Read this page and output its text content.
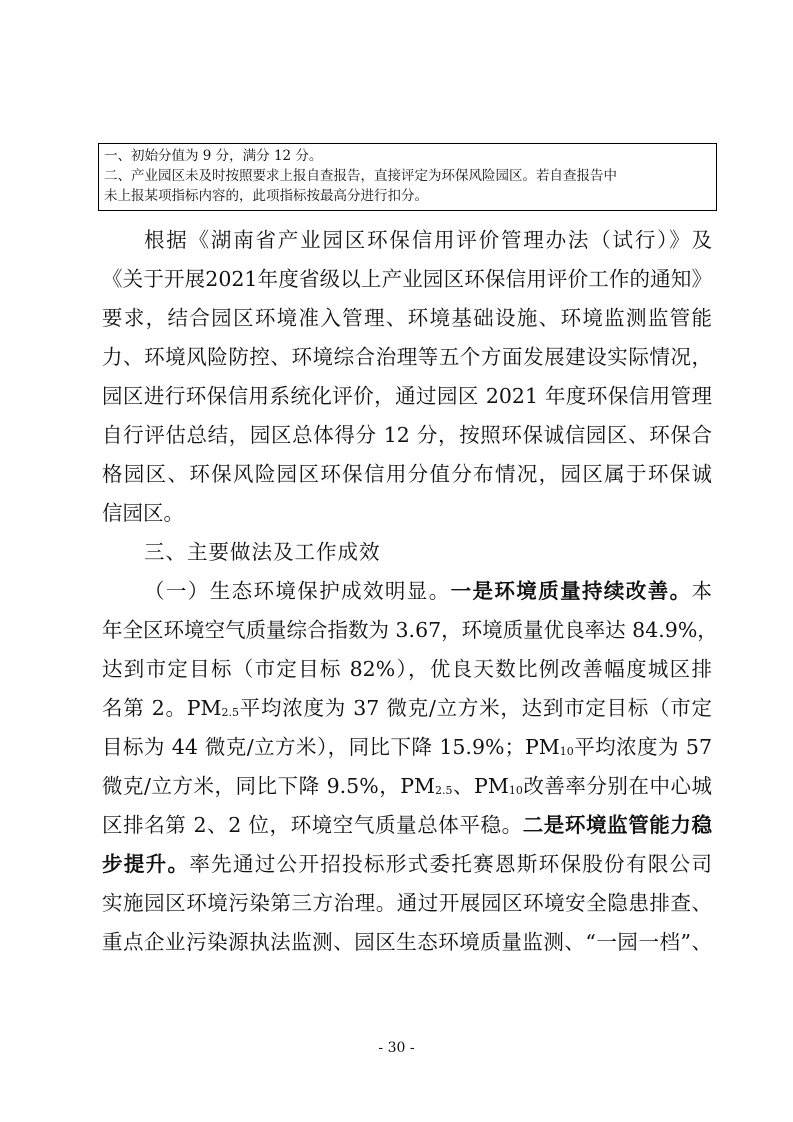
一、初始分值为 9 分，满分 12 分。
二、产业园区未及时按照要求上报自查报告，直接评定为环保风险园区。若自查报告中
未上报某项指标内容的，此项指标按最高分进行扣分。
根据《湖南省产业园区环保信用评价管理办法（试行）》及
《关于开展2021年度省级以上产业园区环保信用评价工作的通知》
要求，结合园区环境准入管理、环境基础设施、环境监测监管能
力、环境风险防控、环境综合治理等五个方面发展建设实际情况，
园区进行环保信用系统化评价，通过园区 2021 年度环保信用管理
自行评估总结，园区总体得分 12 分，按照环保诚信园区、环保合
格园区、环保风险园区环保信用分值分布情况，园区属于环保诚
信园区。
三、主要做法及工作成效
（一）生态环境保护成效明显。一是环境质量持续改善。本
年全区环境空气质量综合指数为 3.67，环境质量优良率达 84.9%，
达到市定目标（市定目标 82%），优良天数比例改善幅度城区排
名第 2。PM2.5平均浓度为 37 微克/立方米，达到市定目标（市定
目标为 44 微克/立方米），同比下降 15.9%；PM10平均浓度为 57
微克/立方米，同比下降 9.5%，PM2.5、PM10改善率分别在中心城
区排名第 2、2 位，环境空气质量总体平稳。二是环境监管能力稳
步提升。率先通过公开招投标形式委托赛恩斯环保股份有限公司
实施园区环境污染第三方治理。通过开展园区环境安全隐患排查、
重点企业污染源执法监测、园区生态环境质量监测、“一园一档”、
- 30 -
